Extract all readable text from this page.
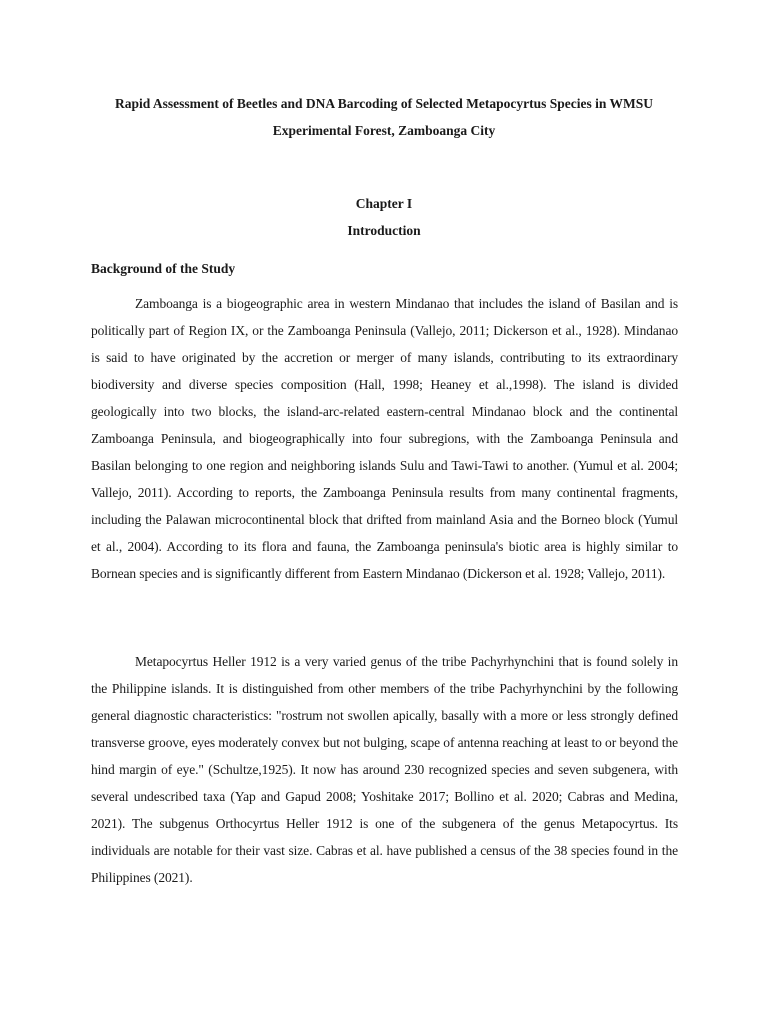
Rapid Assessment of Beetles and DNA Barcoding of Selected Metapocyrtus Species in WMSU Experimental Forest, Zamboanga City
Chapter I
Introduction
Background of the Study

Zamboanga is a biogeographic area in western Mindanao that includes the island of Basilan and is politically part of Region IX, or the Zamboanga Peninsula (Vallejo, 2011; Dickerson et al., 1928). Mindanao is said to have originated by the accretion or merger of many islands, contributing to its extraordinary biodiversity and diverse species composition (Hall, 1998; Heaney et al.,1998). The island is divided geologically into two blocks, the island-arc-related eastern-central Mindanao block and the continental Zamboanga Peninsula, and biogeographically into four subregions, with the Zamboanga Peninsula and Basilan belonging to one region and neighboring islands Sulu and Tawi-Tawi to another. (Yumul et al. 2004; Vallejo, 2011). According to reports, the Zamboanga Peninsula results from many continental fragments, including the Palawan microcontinental block that drifted from mainland Asia and the Borneo block (Yumul et al., 2004). According to its flora and fauna, the Zamboanga peninsula's biotic area is highly similar to Bornean species and is significantly different from Eastern Mindanao (Dickerson et al. 1928; Vallejo, 2011).

Metapocyrtus Heller 1912 is a very varied genus of the tribe Pachyrhynchini that is found solely in the Philippine islands. It is distinguished from other members of the tribe Pachyrhynchini by the following general diagnostic characteristics: "rostrum not swollen apically, basally with a more or less strongly defined transverse groove, eyes moderately convex but not bulging, scape of antenna reaching at least to or beyond the hind margin of eye." (Schultze,1925). It now has around 230 recognized species and seven subgenera, with several undescribed taxa (Yap and Gapud 2008; Yoshitake 2017; Bollino et al. 2020; Cabras and Medina, 2021). The subgenus Orthocyrtus Heller 1912 is one of the subgenera of the genus Metapocyrtus. Its individuals are notable for their vast size. Cabras et al. have published a census of the 38 species found in the Philippines (2021).
